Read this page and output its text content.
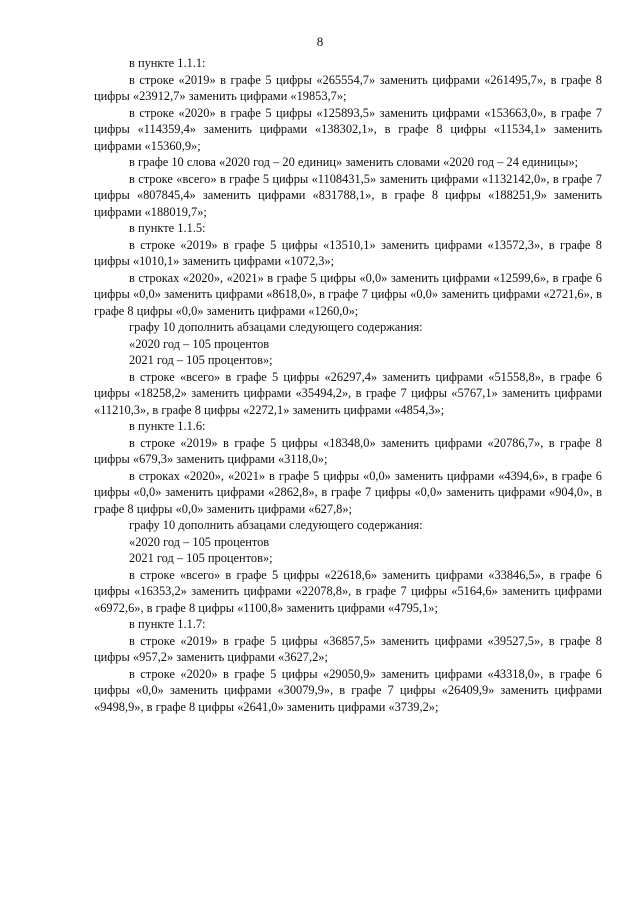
8

в пункте 1.1.1:

в строке «2019» в графе 5 цифры «265554,7» заменить цифрами «261495,7», в графе 8 цифры «23912,7» заменить цифрами «19853,7»;

в строке «2020» в графе 5 цифры «125893,5» заменить цифрами «153663,0», в графе 7 цифры «114359,4» заменить цифрами «138302,1», в графе 8 цифры «11534,1» заменить цифрами «15360,9»;

в графе 10 слова «2020 год – 20 единиц» заменить словами «2020 год – 24 единицы»;

в строке «всего» в графе 5 цифры «1108431,5» заменить цифрами «1132142,0», в графе 7 цифры «807845,4» заменить цифрами «831788,1», в графе 8 цифры «188251,9» заменить цифрами «188019,7»;

в пункте 1.1.5:

в строке «2019» в графе 5 цифры «13510,1» заменить цифрами «13572,3», в графе 8 цифры «1010,1» заменить цифрами «1072,3»;

в строках «2020», «2021» в графе 5 цифры «0,0» заменить цифрами «12599,6», в графе 6 цифры «0,0» заменить цифрами «8618,0», в графе 7 цифры «0,0» заменить цифрами «2721,6», в графе 8 цифры «0,0» заменить цифрами «1260,0»;

графу 10 дополнить абзацами следующего содержания:

«2020 год – 105 процентов

2021 год – 105 процентов»;

в строке «всего» в графе 5 цифры «26297,4» заменить цифрами «51558,8», в графе 6 цифры «18258,2» заменить цифрами «35494,2», в графе 7 цифры «5767,1» заменить цифрами «11210,3», в графе 8 цифры «2272,1» заменить цифрами «4854,3»;

в пункте 1.1.6:

в строке «2019» в графе 5 цифры «18348,0» заменить цифрами «20786,7», в графе 8 цифры «679,3» заменить цифрами «3118,0»;

в строках «2020», «2021» в графе 5 цифры «0,0» заменить цифрами «4394,6», в графе 6 цифры «0,0» заменить цифрами «2862,8», в графе 7 цифры «0,0» заменить цифрами «904,0», в графе 8 цифры «0,0» заменить цифрами «627,8»;

графу 10 дополнить абзацами следующего содержания:

«2020 год – 105 процентов

2021 год – 105 процентов»;

в строке «всего» в графе 5 цифры «22618,6» заменить цифрами «33846,5», в графе 6 цифры «16353,2» заменить цифрами «22078,8», в графе 7 цифры «5164,6» заменить цифрами «6972,6», в графе 8 цифры «1100,8» заменить цифрами «4795,1»;

в пункте 1.1.7:

в строке «2019» в графе 5 цифры «36857,5» заменить цифрами «39527,5», в графе 8 цифры «957,2» заменить цифрами «3627,2»;

в строке «2020» в графе 5 цифры «29050,9» заменить цифрами «43318,0», в графе 6 цифры «0,0» заменить цифрами «30079,9», в графе 7 цифры «26409,9» заменить цифрами «9498,9», в графе 8 цифры «2641,0» заменить цифрами «3739,2»;
